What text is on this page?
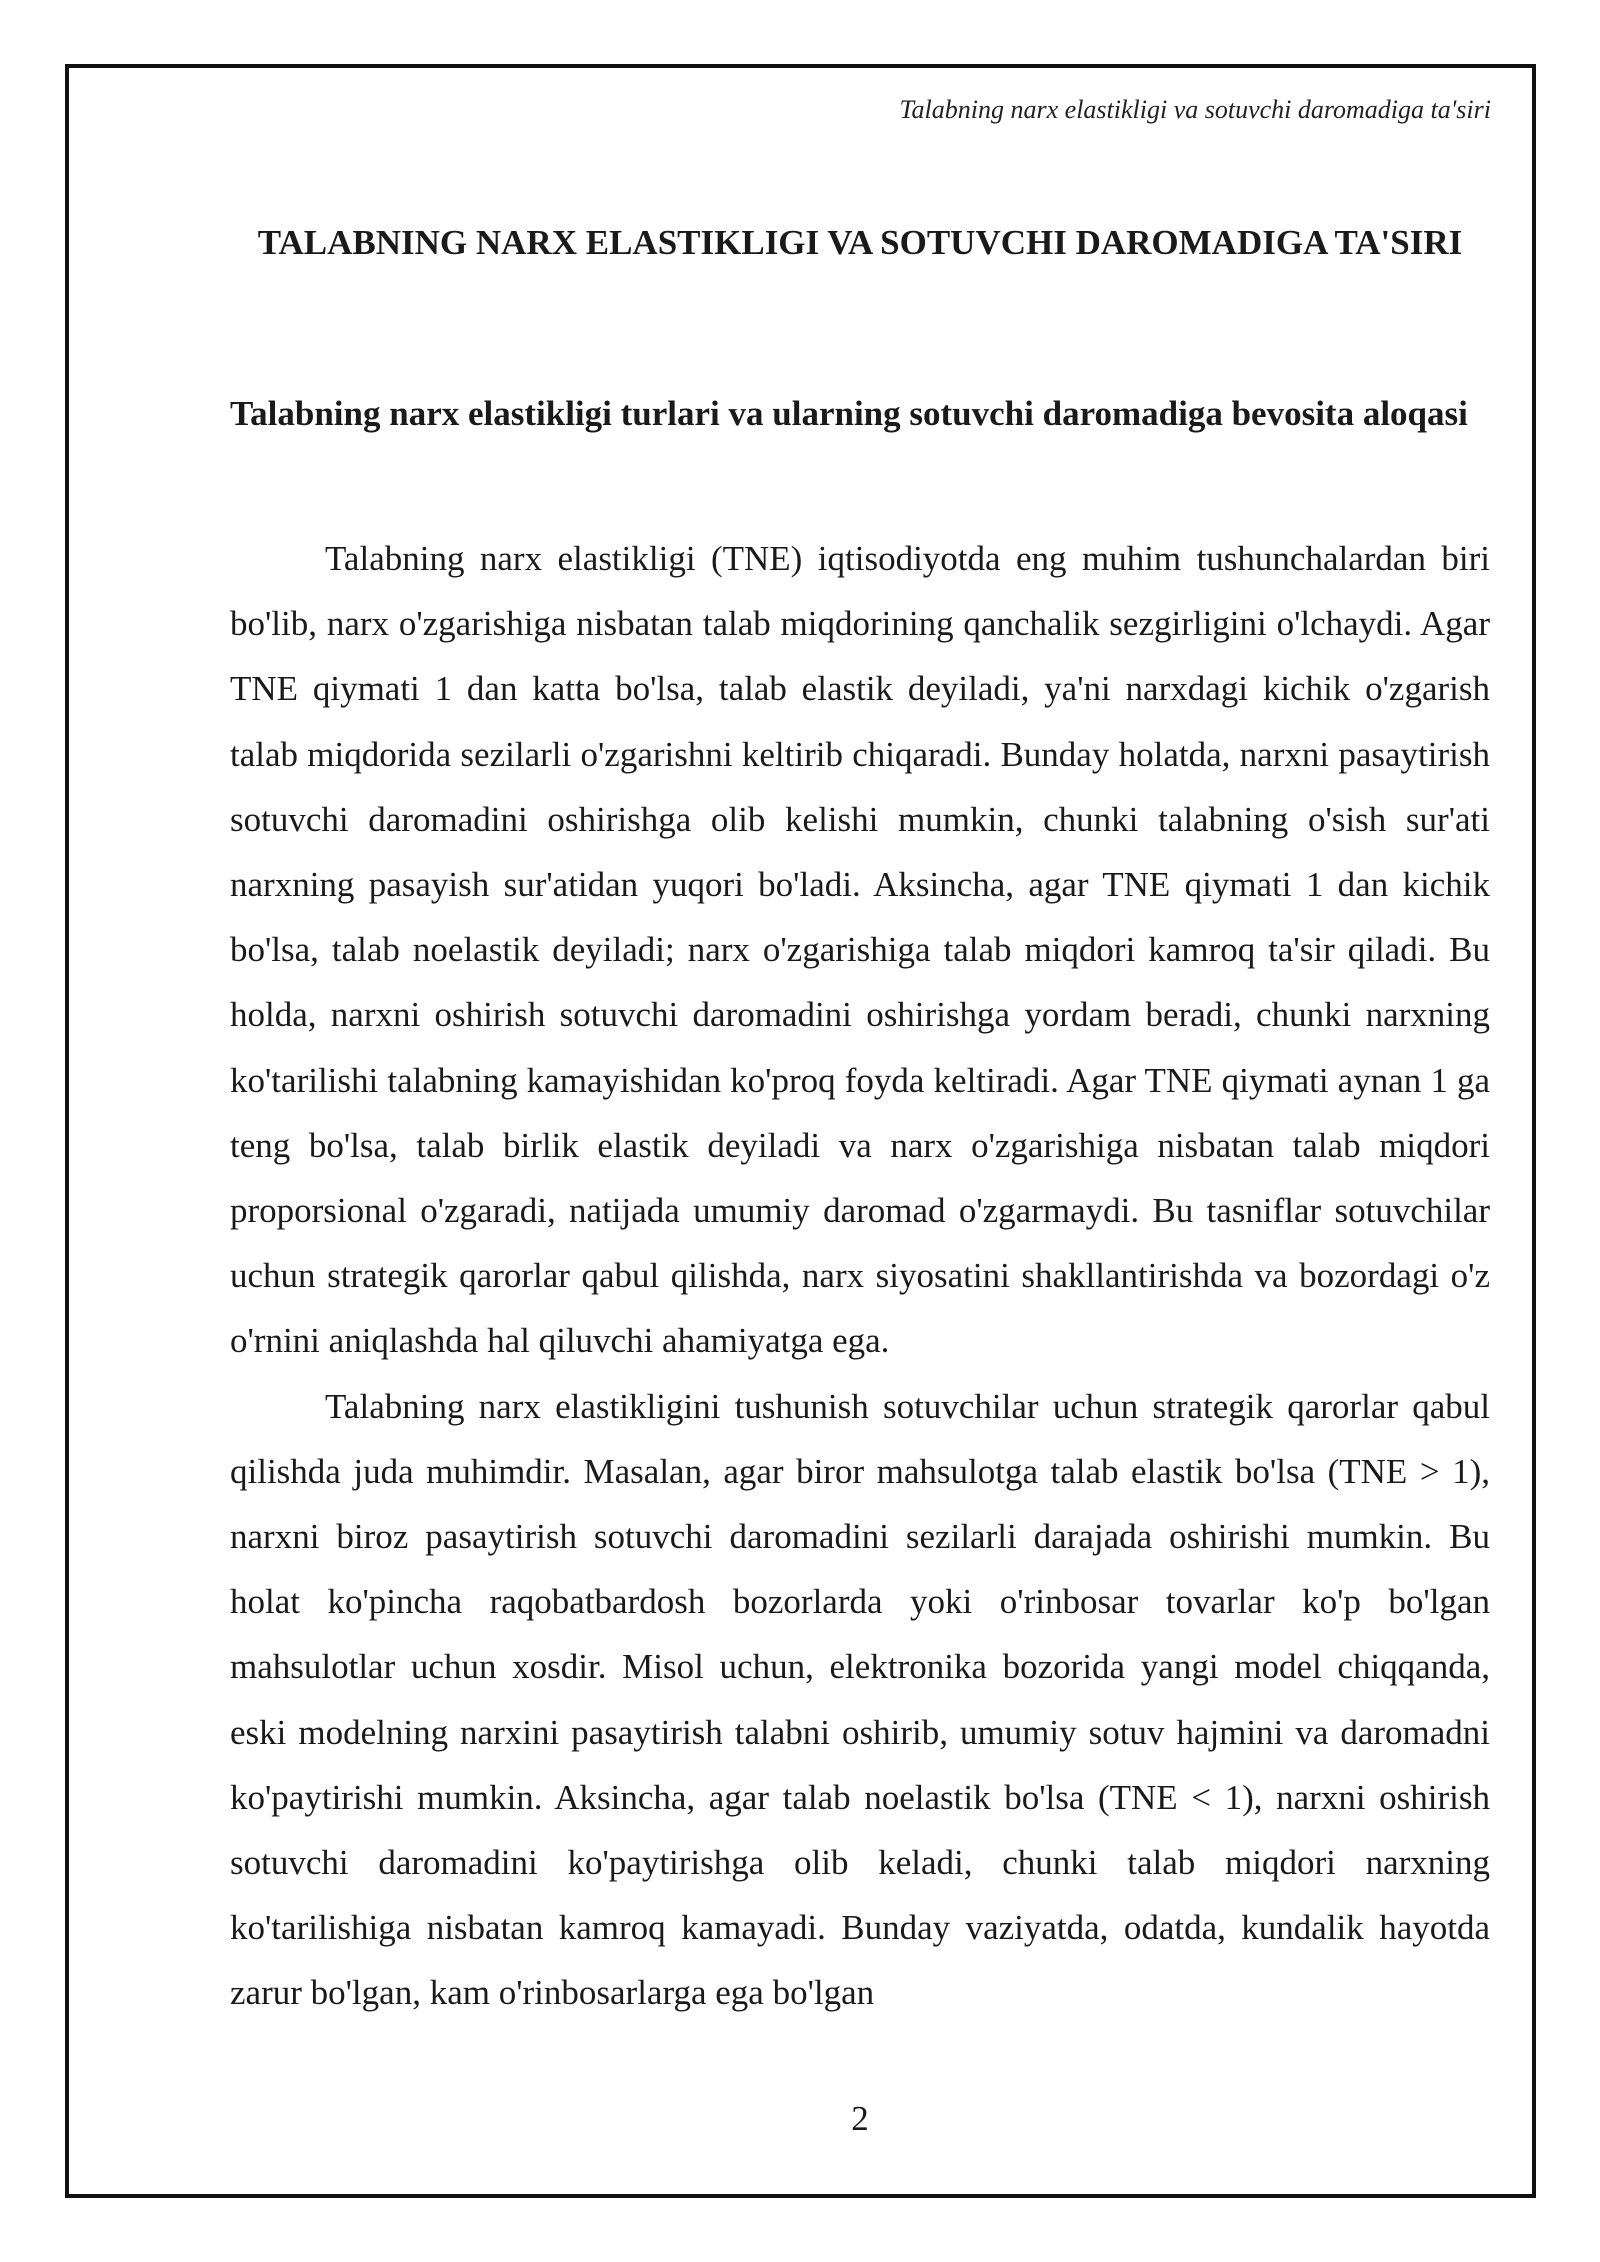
Talabning narx elastikligi va sotuvchi daromadiga ta'siri
TALABNING NARX ELASTIKLIGI VA SOTUVCHI DAROMADIGA TA'SIRI
Talabning narx elastikligi turlari va ularning sotuvchi daromadiga bevosita aloqasi

Talabning narx elastikligi (TNE) iqtisodiyotda eng muhim tushunchalardan biri bo'lib, narx o'zgarishiga nisbatan talab miqdorining qanchalik sezgirligini o'lchaydi. Agar TNE qiymati 1 dan katta bo'lsa, talab elastik deyiladi, ya'ni narxdagi kichik o'zgarish talab miqdorida sezilarli o'zgarishni keltirib chiqaradi. Bunday holatda, narxni pasaytirish sotuvchi daromadini oshirishga olib kelishi mumkin, chunki talabning o'sish sur'ati narxning pasayish sur'atidan yuqori bo'ladi. Aksincha, agar TNE qiymati 1 dan kichik bo'lsa, talab noelastik deyiladi; narx o'zgarishiga talab miqdori kamroq ta'sir qiladi. Bu holda, narxni oshirish sotuvchi daromadini oshirishga yordam beradi, chunki narxning ko'tarilishi talabning kamayishidan ko'proq foyda keltiradi. Agar TNE qiymati aynan 1 ga teng bo'lsa, talab birlik elastik deyiladi va narx o'zgarishiga nisbatan talab miqdori proporsional o'zgaradi, natijada umumiy daromad o'zgarmaydi. Bu tasniflar sotuvchilar uchun strategik qarorlar qabul qilishda, narx siyosatini shakllantirishda va bozordagi o'z o'rnini aniqlashda hal qiluvchi ahamiyatga ega.

Talabning narx elastikligini tushunish sotuvchilar uchun strategik qarorlar qabul qilishda juda muhimdir. Masalan, agar biror mahsulotga talab elastik bo'lsa (TNE > 1), narxni biroz pasaytirish sotuvchi daromadini sezilarli darajada oshirishi mumkin. Bu holat ko'pincha raqobatbardosh bozorlarda yoki o'rinbosar tovarlar ko'p bo'lgan mahsulotlar uchun xosdir. Misol uchun, elektronika bozorida yangi model chiqqanda, eski modelning narxini pasaytirish talabni oshirib, umumiy sotuv hajmini va daromadni ko'paytirishi mumkin. Aksincha, agar talab noelastik bo'lsa (TNE < 1), narxni oshirish sotuvchi daromadini ko'paytirishga olib keladi, chunki talab miqdori narxning ko'tarilishiga nisbatan kamroq kamayadi. Bunday vaziyatda, odatda, kundalik hayotda zarur bo'lgan, kam o'rinbosarlarga ega bo'lgan

2
